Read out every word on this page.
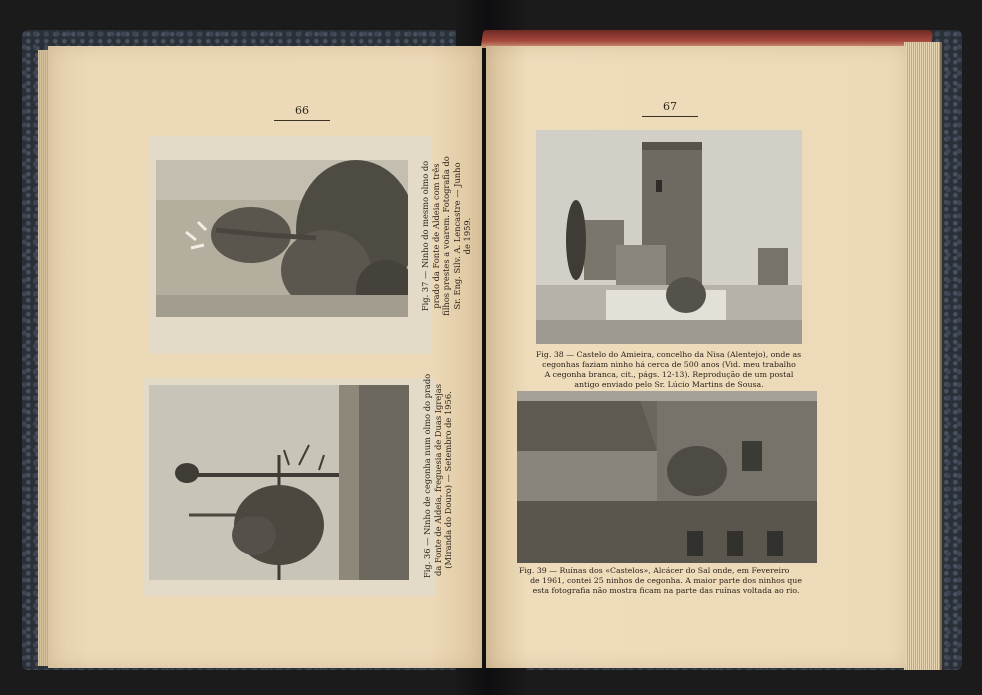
66
Fig. 37 — Ninho do mesmo olmo do prado da Fonte de Aldeia com três filhos prestes a voarem. Fotografia do Sr. Eng. Silv. A. Lencastre — Junho de 1959.
Fig. 36 — Ninho de cegonha num olmo do prado da Fonte de Aldeia, freguesia de Duas Igrejas (Miranda do Douro) — Setembro de 1956.
67
Fig. 38 — Castelo do Amieira, concelho da Nisa (Alentejo), onde as
cegonhas faziam ninho há cerca de 500 anos (Vid. meu trabalho
A cegonha branca, cit., págs. 12-13). Reprodução de um postal
antigo enviado pelo Sr. Lúcio Martins de Sousa.
Fig. 39 — Ruínas dos «Castelos», Alcácer do Sal onde, em Fevereiro
de 1961, contei 25 ninhos de cegonha. A maior parte dos ninhos que
esta fotografia não mostra ficam na parte das ruínas voltada ao rio.
